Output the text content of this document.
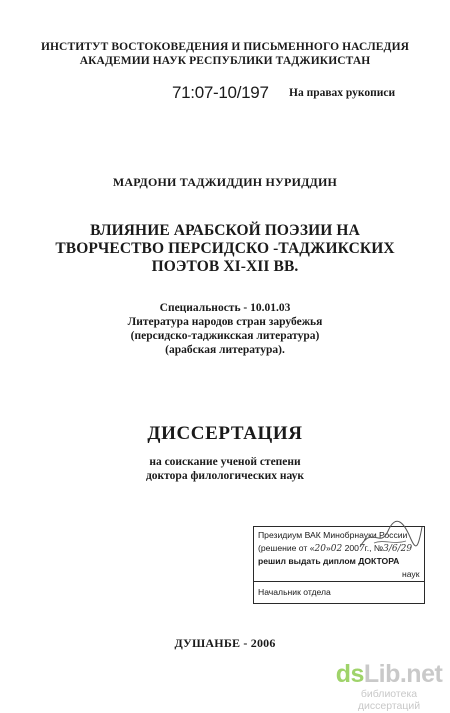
ИНСТИТУТ ВОСТОКОВЕДЕНИЯ И ПИСЬМЕННОГО НАСЛЕДИЯ
АКАДЕМИИ НАУК РЕСПУБЛИКИ ТАДЖИКИСТАН
71:07-10/197 На правах рукописи
МАРДОНИ ТАДЖИДДИН НУРИДДИН
ВЛИЯНИЕ АРАБСКОЙ ПОЭЗИИ НА
ТВОРЧЕСТВО ПЕРСИДСКО -ТАДЖИКСКИХ
ПОЭТОВ XI-XII ВВ.
Специальность - 10.01.03
Литература народов стран зарубежья
(персидско-таджикская литература)
(арабская литература).
ДИССЕРТАЦИЯ
на соискание ученой степени
доктора филологических наук
Президиум ВАК Минобрнауки России
(решение от «20»02 2007г., №3/6/29
решил выдать диплом ДОКТОРА
наук
Начальник отдела
ДУШАНБЕ - 2006
dsLib.net
библиотека диссертаций
